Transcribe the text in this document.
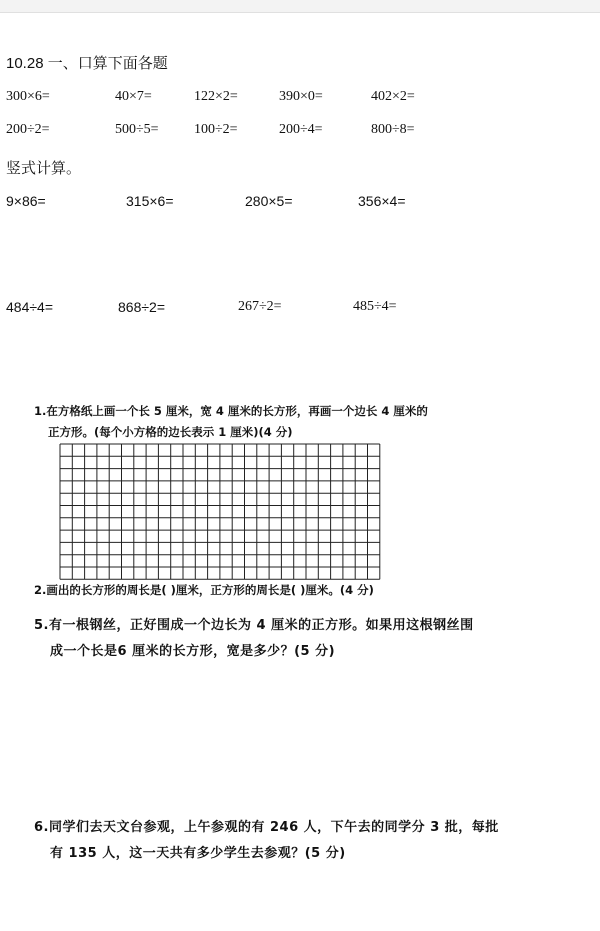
10.28 一、口算下面各题
300×6=	40×7=	122×2=	390×0=	402×2=
200÷2=	500÷5=	100÷2=	200÷4=	800÷8=
竖式计算。
9×86=	315×6=	280×5=	356×4=
484÷4=	868÷2=	267÷2=	485÷4=
1.在方格纸上画一个长 5 厘米，宽 4 厘米的长方形，再画一个边长 4 厘米的
正方形。(每个小方格的边长表示 1 厘米)(4 分)
2.画出的长方形的周长是( )厘米，正方形的周长是( )厘米。(4 分)
5.有一根钢丝，正好围成一个边长为 4 厘米的正方形。如果用这根钢丝围
成一个长是6 厘米的长方形，宽是多少？(5 分)
6.同学们去天文台参观，上午参观的有 246 人，下午去的同学分 3 批，每批
有 135 人，这一天共有多少学生去参观？(5 分)
